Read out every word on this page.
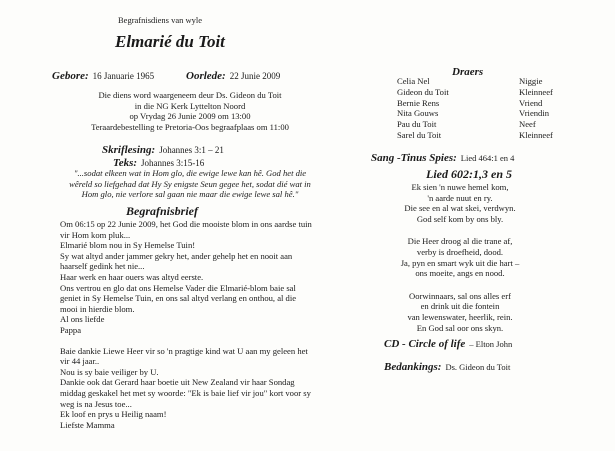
Begrafnisdiens van wyle
Elmarié du Toit
Gebore: 16 Januarie 1965	Oorlede: 22 Junie 2009
Die diens word waargeneem deur Ds. Gideon du Toit
in die NG Kerk Lyttelton Noord
op Vrydag 26 Junie 2009 om 13:00
Teraardebestelling te Pretoria-Oos begraafplaas om 11:00
Skriflesing: Johannes 3:1 – 21
Teks: Johannes 3:15-16
"...sodat elkeen wat in Hom glo, die ewige lewe kan hê. God het die
wêreld so liefgehad dat Hy Sy enigste Seun gegee het, sodat dié wat in
Hom glo, nie verlore sal gaan nie maar die ewige lewe sal hê."
Begrafnisbrief
Om 06:15 op 22 Junie 2009, het God die mooiste blom in ons aardse tuin
vir Hom kom pluk...
Elmarié blom nou in Sy Hemelse Tuin!
Sy wat altyd ander jammer gekry het, ander gehelp het en nooit aan
haarself gedink het nie...
Haar werk en haar ouers was altyd eerste.
Ons vertrou en glo dat ons Hemelse Vader die Elmarié-blom baie sal
geniet in Sy Hemelse Tuin, en ons sal altyd verlang en onthou, al die
mooi in hierdie blom.
Al ons liefde
Pappa
Baie dankie Liewe Heer vir so 'n pragtige kind wat U aan my geleen het
vir 44 jaar..
Nou is sy baie veiliger by U.
Dankie ook dat Gerard haar boetie uit New Zealand vir haar Sondag
middag geskakel het met sy woorde: "Ek is baie lief vir jou" kort voor sy
weg is na Jesus toe...
Ek loof en prys u Heilig naam!
Liefste Mamma
Draers
Celia Nel	Niggie
Gideon du Toit	Kleinneef
Bernie Rens	Vriend
Nita Gouws	Vriendin
Pau du Toit	Neef
Sarel du Toit	Kleinneef
Sang -Tinus Spies: Lied 464:1 en 4
Lied 602:1,3 en 5
Ek sien 'n nuwe hemel kom,
'n aarde nuut en ry.
Die see en al wat skei, verdwyn.
God self kom by ons bly.
Die Heer droog al die trane af,
verby is droefheid, dood.
Ja, pyn en smart wyk uit die hart –
ons moeite, angs en nood.
Oorwinnaars, sal ons alles erf
en drink uit die fontein
van lewenswater, heerlik, rein.
En God sal oor ons skyn.
CD - Circle of life – Elton John
Bedankings: Ds. Gideon du Toit
